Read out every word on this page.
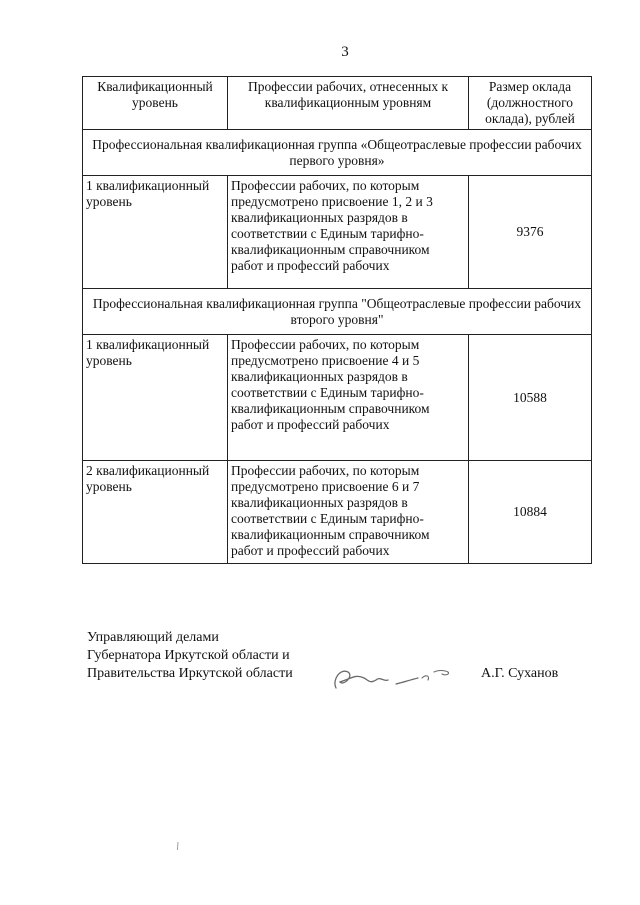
3
Квалификационный уровень	Профессии рабочих, отнесенных к квалификационным уровням	Размер оклада (должностного оклада), рублей
Профессиональная квалификационная группа «Общеотраслевые профессии рабочих первого уровня»		
1 квалификационный уровень	Профессии рабочих, по которым предусмотрено присвоение 1, 2 и 3 квалификационных разрядов в соответствии с Единым тарифно-квалификационным справочником работ и профессий рабочих	9376
Профессиональная квалификационная группа "Общеотраслевые профессии рабочих второго уровня"		
1 квалификационный уровень	Профессии рабочих, по которым предусмотрено присвоение 4 и 5 квалификационных разрядов в соответствии с Единым тарифно-квалификационным справочником работ и профессий рабочих	10588
2 квалификационный уровень	Профессии рабочих, по которым предусмотрено присвоение 6 и 7 квалификационных разрядов в соответствии с Единым тарифно-квалификационным справочником работ и профессий рабочих	10884
Управляющий делами
Губернатора Иркутской области и
Правительства Иркутской области	А.Г. Суханов
